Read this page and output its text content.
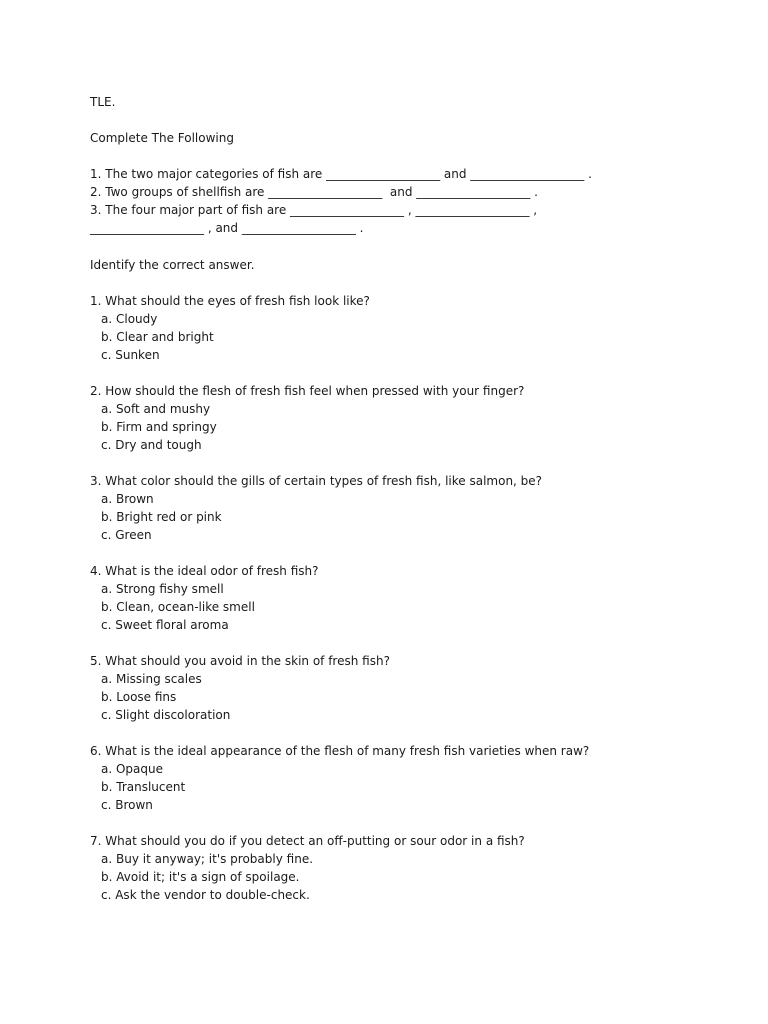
TLE.
Complete The Following
1. The two major categories of fish are ___________________ and ___________________ .
2. Two groups of shellfish are ___________________  and ___________________ .
3. The four major part of fish are ___________________ , ___________________ ,
___________________ , and ___________________ .
Identify the correct answer.
1. What should the eyes of fresh fish look like?
a. Cloudy
b. Clear and bright
c. Sunken
2. How should the flesh of fresh fish feel when pressed with your finger?
a. Soft and mushy
b. Firm and springy
c. Dry and tough
3. What color should the gills of certain types of fresh fish, like salmon, be?
a. Brown
b. Bright red or pink
c. Green
4. What is the ideal odor of fresh fish?
a. Strong fishy smell
b. Clean, ocean-like smell
c. Sweet floral aroma
5. What should you avoid in the skin of fresh fish?
a. Missing scales
b. Loose fins
c. Slight discoloration
6. What is the ideal appearance of the flesh of many fresh fish varieties when raw?
a. Opaque
b. Translucent
c. Brown
7. What should you do if you detect an off-putting or sour odor in a fish?
a. Buy it anyway; it's probably fine.
b. Avoid it; it's a sign of spoilage.
c. Ask the vendor to double-check.
